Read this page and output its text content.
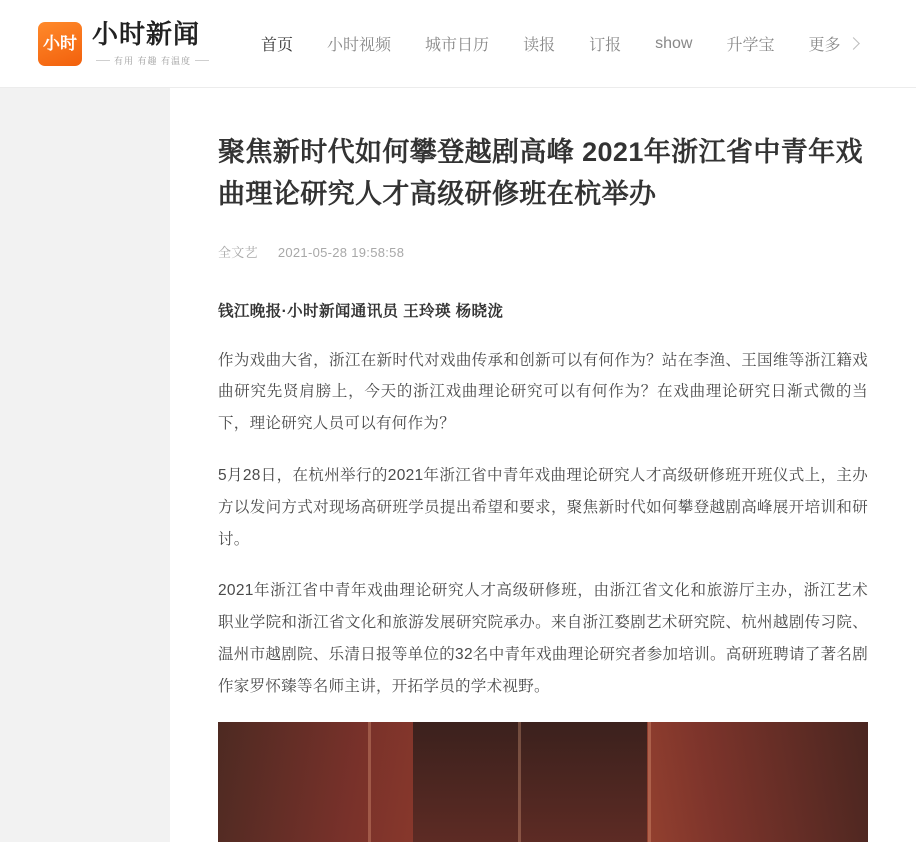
小时 小时新闻
有用 有趣 有温度
首页 小时视频 城市日历 读报 订报 show 升学宝 更多
聚焦新时代如何攀登越剧高峰 2021年浙江省中青年戏曲理论研究人才高级研修班在杭举办
全文艺 2021-05-28 19:58:58
钱江晚报·小时新闻通讯员 王玲瑛 杨晓泷

作为戏曲大省，浙江在新时代对戏曲传承和创新可以有何作为？站在李渔、王国维等浙江籍戏曲研究先贤肩膀上，今天的浙江戏曲理论研究可以有何作为？在戏曲理论研究日渐式微的当下，理论研究人员可以有何作为？

5月28日，在杭州举行的2021年浙江省中青年戏曲理论研究人才高级研修班开班仪式上，主办方以发问方式对现场高研班学员提出希望和要求，聚焦新时代如何攀登越剧高峰展开培训和研讨。

2021年浙江省中青年戏曲理论研究人才高级研修班，由浙江省文化和旅游厅主办，浙江艺术职业学院和浙江省文化和旅游发展研究院承办。来自浙江婺剧艺术研究院、杭州越剧传习院、温州市越剧院、乐清日报等单位的32名中青年戏曲理论研究者参加培训。高研班聘请了著名剧作家罗怀臻等名师主讲，开拓学员的学术视野。
